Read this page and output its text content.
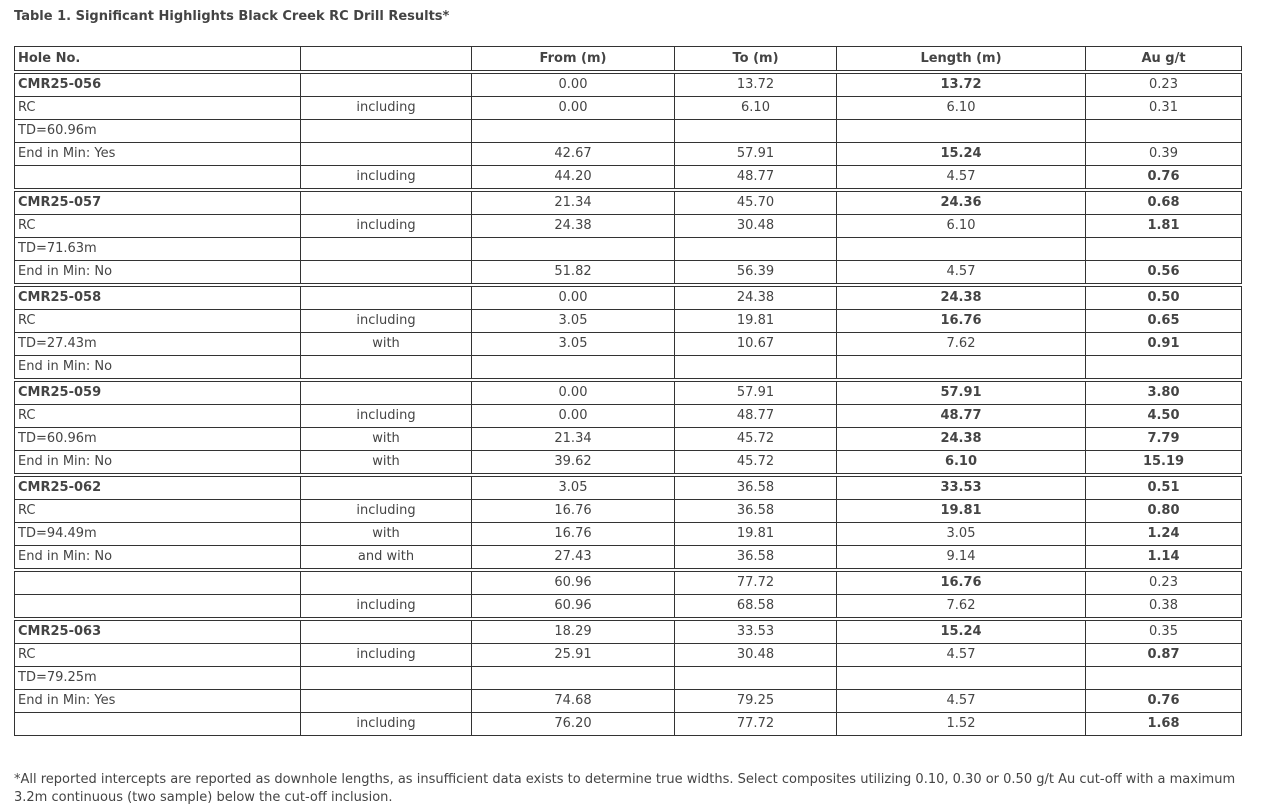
Table 1. Significant Highlights Black Creek RC Drill Results*
Hole No.		From (m)	To (m)	Length (m)	Au g/t
CMR25-056		0.00	13.72	13.72	0.23
RC	including	0.00	6.10	6.10	0.31
TD=60.96m					
End in Min: Yes		42.67	57.91	15.24	0.39
	including	44.20	48.77	4.57	0.76
CMR25-057		21.34	45.70	24.36	0.68
RC	including	24.38	30.48	6.10	1.81
TD=71.63m					
End in Min: No		51.82	56.39	4.57	0.56
CMR25-058		0.00	24.38	24.38	0.50
RC	including	3.05	19.81	16.76	0.65
TD=27.43m	with	3.05	10.67	7.62	0.91
End in Min: No					
CMR25-059		0.00	57.91	57.91	3.80
RC	including	0.00	48.77	48.77	4.50
TD=60.96m	with	21.34	45.72	24.38	7.79
End in Min: No	with	39.62	45.72	6.10	15.19
CMR25-062		3.05	36.58	33.53	0.51
RC	including	16.76	36.58	19.81	0.80
TD=94.49m	with	16.76	19.81	3.05	1.24
End in Min: No	and with	27.43	36.58	9.14	1.14
		60.96	77.72	16.76	0.23
	including	60.96	68.58	7.62	0.38
CMR25-063		18.29	33.53	15.24	0.35
RC	including	25.91	30.48	4.57	0.87
TD=79.25m					
End in Min: Yes		74.68	79.25	4.57	0.76
	including	76.20	77.72	1.52	1.68
*All reported intercepts are reported as downhole lengths, as insufficient data exists to determine true widths. Select composites utilizing 0.10, 0.30 or 0.50 g/t Au cut-off with a maximum 3.2m continuous (two sample) below the cut-off inclusion.
